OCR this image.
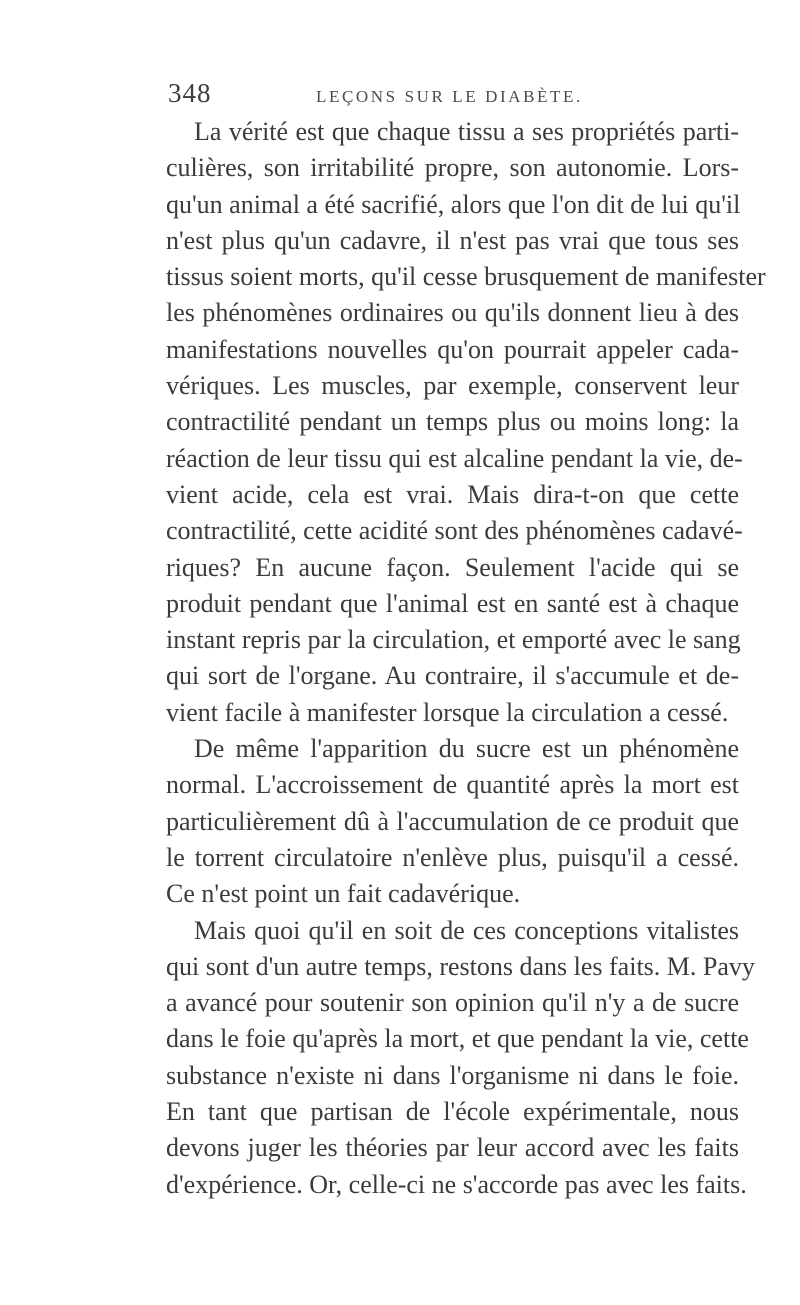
348	LEÇONS SUR LE DIABÈTE.
La vérité est que chaque tissu a ses propriétés parti-
culières, son irritabilité propre, son autonomie. Lors-
qu'un animal a été sacrifié, alors que l'on dit de lui qu'il
n'est plus qu'un cadavre, il n'est pas vrai que tous ses
tissus soient morts, qu'il cesse brusquement de manifester
les phénomènes ordinaires ou qu'ils donnent lieu à des
manifestations nouvelles qu'on pourrait appeler cada-
vériques. Les muscles, par exemple, conservent leur
contractilité pendant un temps plus ou moins long: la
réaction de leur tissu qui est alcaline pendant la vie, de-
vient acide, cela est vrai. Mais dira-t-on que cette
contractilité, cette acidité sont des phénomènes cadavé-
riques? En aucune façon. Seulement l'acide qui se
produit pendant que l'animal est en santé est à chaque
instant repris par la circulation, et emporté avec le sang
qui sort de l'organe. Au contraire, il s'accumule et de-
vient facile à manifester lorsque la circulation a cessé.
De même l'apparition du sucre est un phénomène
normal. L'accroissement de quantité après la mort est
particulièrement dû à l'accumulation de ce produit que
le torrent circulatoire n'enlève plus, puisqu'il a cessé.
Ce n'est point un fait cadavérique.
Mais quoi qu'il en soit de ces conceptions vitalistes
qui sont d'un autre temps, restons dans les faits. M. Pavy
a avancé pour soutenir son opinion qu'il n'y a de sucre
dans le foie qu'après la mort, et que pendant la vie, cette
substance n'existe ni dans l'organisme ni dans le foie.
En tant que partisan de l'école expérimentale, nous
devons juger les théories par leur accord avec les faits
d'expérience. Or, celle-ci ne s'accorde pas avec les faits.
